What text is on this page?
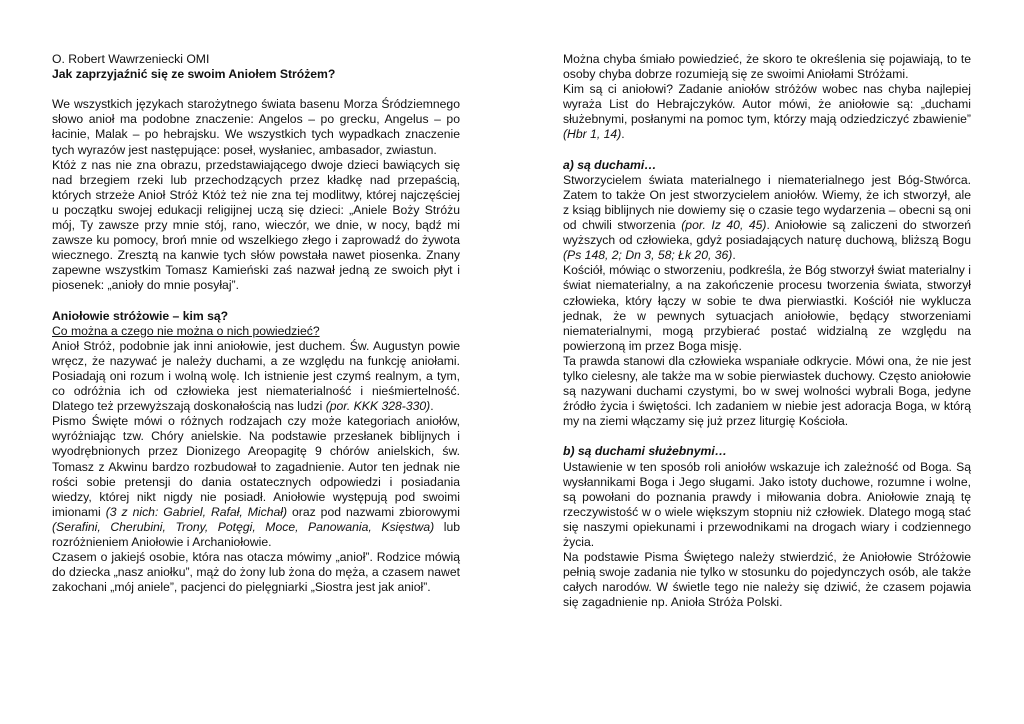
O. Robert Wawrzeniecki OMI

Jak zaprzyjaźnić się ze swoim Aniołem Stróżem?

We wszystkich językach starożytnego świata basenu Morza Śródziemnego słowo anioł ma podobne znaczenie: Angelos – po grecku, Angelus – po łacinie, Malak – po hebrajsku. We wszystkich tych wypadkach znaczenie tych wyrazów jest następujące: poseł, wysłaniec, ambasador, zwiastun.

Któż z nas nie zna obrazu, przedstawiającego dwoje dzieci bawiących się nad brzegiem rzeki lub przechodzących przez kładkę nad przepaścią, których strzeże Anioł Stróż Któż też nie zna tej modlitwy, której najczęściej u początku swojej edukacji religijnej uczą się dzieci: „Aniele Boży Stróżu mój, Ty zawsze przy mnie stój, rano, wieczór, we dnie, w nocy, bądź mi zawsze ku pomocy, broń mnie od wszelkiego złego i zaprowadź do żywota wiecznego. Zresztą na kanwie tych słów powstała nawet piosenka. Znany zapewne wszystkim Tomasz Kamieński zaś nazwał jedną ze swoich płyt i piosenek: „anioły do mnie posyłaj”.

Aniołowie stróżowie – kim są?

Co można a czego nie można o nich powiedzieć?

Anioł Stróż, podobnie jak inni aniołowie, jest duchem. Św. Augustyn powie wręcz, że nazywać je należy duchami, a ze względu na funkcję aniołami. Posiadają oni rozum i wolną wolę. Ich istnienie jest czymś realnym, a tym, co odróżnia ich od człowieka jest niematerialność i nieśmiertelność. Dlatego też przewyższają doskonałością nas ludzi (por. KKK 328-330).

Pismo Święte mówi o różnych rodzajach czy może kategoriach aniołów, wyróżniając tzw. Chóry anielskie. Na podstawie przesłanek biblijnych i wyodrębnionych przez Dionizego Areopagitę 9 chórów anielskich, św. Tomasz z Akwinu bardzo rozbudował to zagadnienie. Autor ten jednak nie rości sobie pretensji do dania ostatecznych odpowiedzi i posiadania wiedzy, której nikt nigdy nie posiadł. Aniołowie występują pod swoimi imionami (3 z nich: Gabriel, Rafał, Michał) oraz pod nazwami zbiorowymi (Serafini, Cherubini, Trony, Potęgi, Moce, Panowania, Księstwa) lub rozróżnieniem Aniołowie i Archaniołowie.

Czasem o jakiejś osobie, która nas otacza mówimy „anioł”. Rodzice mówią do dziecka „nasz aniołku”, mąż do żony lub żona do męża, a czasem nawet zakochani „mój aniele”, pacjenci do pielęgniarki „Siostra jest jak anioł”.

Można chyba śmiało powiedzieć, że skoro te określenia się pojawiają, to te osoby chyba dobrze rozumieją się ze swoimi Aniołami Stróżami.

Kim są ci aniołowi? Zadanie aniołów stróżów wobec nas chyba najlepiej wyraża List do Hebrajczyków. Autor mówi, że aniołowie są: „duchami służebnymi, posłanymi na pomoc tym, którzy mają odziedziczyć zbawienie” (Hbr 1, 14).

a) są duchami…

Stworzycielem świata materialnego i niematerialnego jest Bóg-Stwórca. Zatem to także On jest stworzycielem aniołów. Wiemy, że ich stworzył, ale z ksiąg biblijnych nie dowiemy się o czasie tego wydarzenia – obecni są oni od chwili stworzenia (por. Iz 40, 45). Aniołowie są zaliczeni do stworzeń wyższych od człowieka, gdyż posiadających naturę duchową, bliższą Bogu (Ps 148, 2; Dn 3, 58; Łk 20, 36).

Kościół, mówiąc o stworzeniu, podkreśla, że Bóg stworzył świat materialny i świat niematerialny, a na zakończenie procesu tworzenia świata, stworzył człowieka, który łączy w sobie te dwa pierwiastki. Kościół nie wyklucza jednak, że w pewnych sytuacjach aniołowie, będący stworzeniami niematerialnymi, mogą przybierać postać widzialną ze względu na powierzoną im przez Boga misję.

Ta prawda stanowi dla człowieka wspaniałe odkrycie. Mówi ona, że nie jest tylko cielesny, ale także ma w sobie pierwiastek duchowy. Często aniołowie są nazywani duchami czystymi, bo w swej wolności wybrali Boga, jedyne źródło życia i świętości. Ich zadaniem w niebie jest adoracja Boga, w którą my na ziemi włączamy się już przez liturgię Kościoła.

b) są duchami służebnymi…

Ustawienie w ten sposób roli aniołów wskazuje ich zależność od Boga. Są wysłannikami Boga i Jego sługami. Jako istoty duchowe, rozumne i wolne, są powołani do poznania prawdy i miłowania dobra. Aniołowie znają tę rzeczywistość w o wiele większym stopniu niż człowiek. Dlatego mogą stać się naszymi opiekunami i przewodnikami na drogach wiary i codziennego życia.

Na podstawie Pisma Świętego należy stwierdzić, że Aniołowie Stróżowie pełnią swoje zadania nie tylko w stosunku do pojedynczych osób, ale także całych narodów. W świetle tego nie należy się dziwić, że czasem pojawia się zagadnienie np. Anioła Stróża Polski.
